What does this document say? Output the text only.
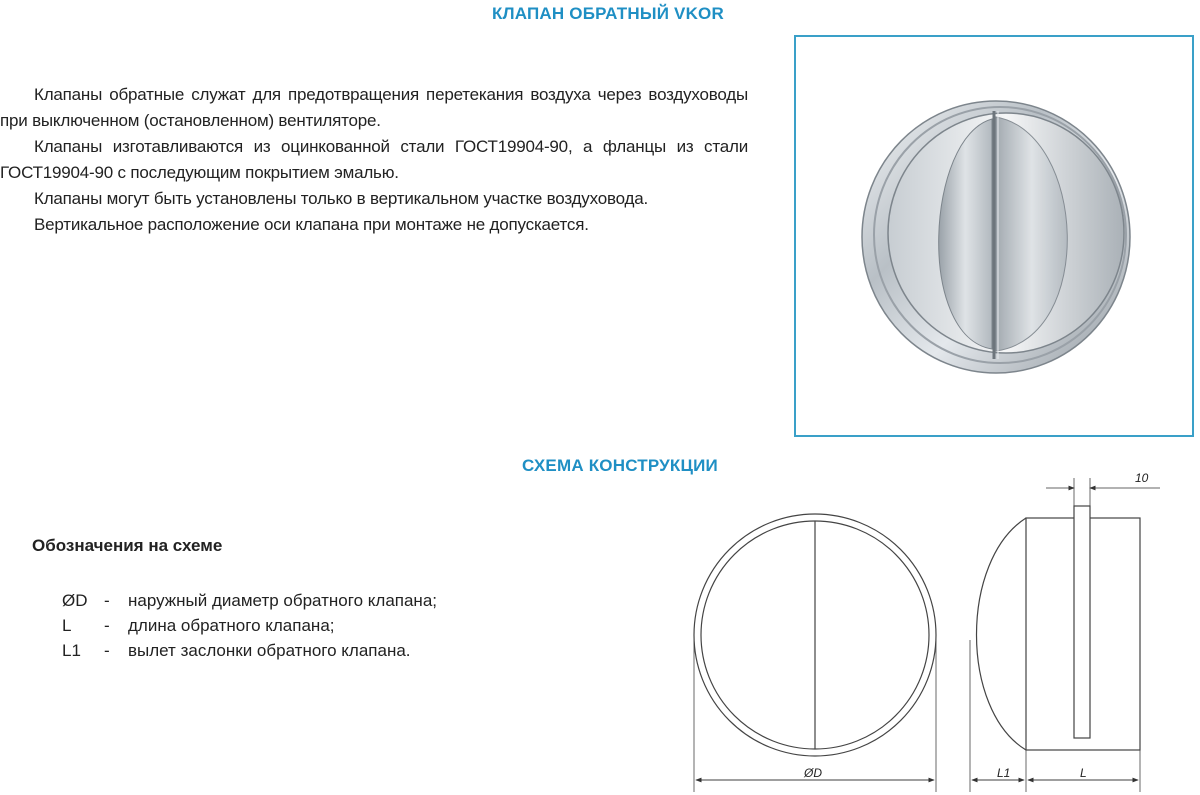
КЛАПАН ОБРАТНЫЙ VKOR

Клапаны обратные служат для предотвращения перетекания воздуха через воздуховоды при выключенном (остановленном) вентиляторе.

Клапаны изготавливаются из оцинкованной стали ГОСТ19904-90, а фланцы из стали ГОСТ19904-90 с последующим покрытием эмалью.

Клапаны могут быть установлены только в вертикальном участке воздуховода.

Вертикальное расположение оси клапана при монтаже не допускается.

СХЕМА КОНСТРУКЦИИ
Обозначения на схеме
ØD -	наружный диаметр обратного клапана;
L	-	длина обратного клапана;
L1	-	вылет заслонки обратного клапана.
ØD
10
L1	L
